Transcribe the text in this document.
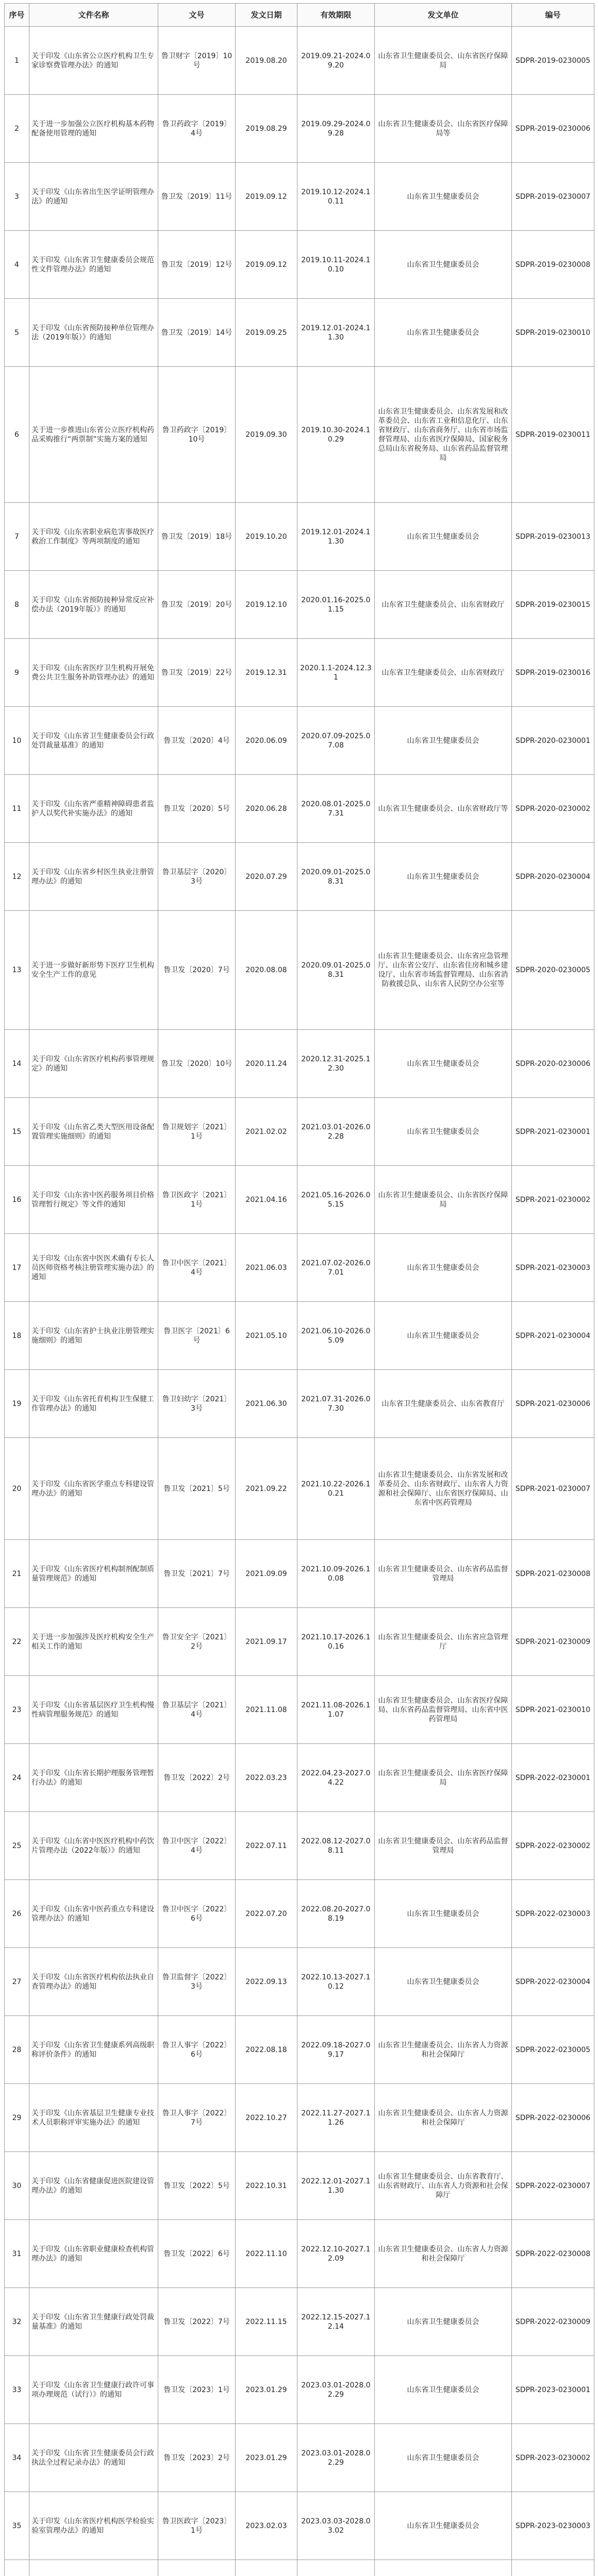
序号	文件名称	文号	发文日期	有效期限	发文单位	编号
1	关于印发《山东省公立医疗机构卫生专家诊察费管理办法》的通知	鲁卫财字〔2019〕10号	2019.08.20	2019.09.21-2024.09.20	山东省卫生健康委员会、山东省医疗保障局	SDPR-2019-0230005
2	关于进一步加强公立医疗机构基本药物配备使用管理的通知	鲁卫药政字〔2019〕4号	2019.08.29	2019.09.29-2024.09.28	山东省卫生健康委员会、山东省医疗保障局等	SDPR-2019-0230006
3	关于印发《山东省出生医学证明管理办法》的通知	鲁卫发〔2019〕11号	2019.09.12	2019.10.12-2024.10.11	山东省卫生健康委员会	SDPR-2019-0230007
4	关于印发《山东省卫生健康委员会规范性文件管理办法》的通知	鲁卫发〔2019〕12号	2019.09.12	2019.10.11-2024.10.10	山东省卫生健康委员会	SDPR-2019-0230008
5	关于印发《山东省预防接种单位管理办法（2019年版）》的通知	鲁卫发〔2019〕14号	2019.09.25	2019.12.01-2024.11.30	山东省卫生健康委员会	SDPR-2019-0230010
6	关于进一步推进山东省公立医疗机构药品采购推行“两票制”实施方案的通知	鲁卫药政字〔2019〕10号	2019.09.30	2019.10.30-2024.10.29	山东省卫生健康委员会、山东省发展和改革委员会、山东省工业和信息化厅、山东省财政厅、山东省商务厅、山东省市场监督管理局、山东省医疗保障局、国家税务总局山东省税务局、山东省药品监督管理局	SDPR-2019-0230011
7	关于印发《山东省职业病危害事故医疗救治工作制度》等两项制度的通知	鲁卫发〔2019〕18号	2019.10.20	2019.12.01-2024.11.30	山东省卫生健康委员会	SDPR-2019-0230013
8	关于印发《山东省预防接种异常反应补偿办法（2019年版）》的通知	鲁卫发〔2019〕20号	2019.12.10	2020.01.16-2025.01.15	山东省卫生健康委员会、山东省财政厅	SDPR-2019-0230015
9	关于印发《山东省医疗卫生机构开展免费公共卫生服务补助管理办法》的通知	鲁卫发〔2019〕22号	2019.12.31	2020.1.1-2024.12.31	山东省卫生健康委员会、山东省财政厅	SDPR-2019-0230016
10	关于印发《山东省卫生健康委员会行政处罚裁量基准》的通知	鲁卫发〔2020〕4号	2020.06.09	2020.07.09-2025.07.08	山东省卫生健康委员会	SDPR-2020-0230001
11	关于印发《山东省严重精神障碍患者监护人以奖代补实施办法》的通知	鲁卫发〔2020〕5号	2020.06.28	2020.08.01-2025.07.31	山东省卫生健康委员会、山东省财政厅等	SDPR-2020-0230002
12	关于印发《山东省乡村医生执业注册管理办法》的通知	鲁卫基层字〔2020〕3号	2020.07.29	2020.09.01-2025.08.31	山东省卫生健康委员会	SDPR-2020-0230004
13	关于进一步做好新形势下医疗卫生机构安全生产工作的意见	鲁卫发〔2020〕7号	2020.08.08	2020.09.01-2025.08.31	山东省卫生健康委员会、山东省应急管理厅、山东省公安厅、山东省住房和城乡建设厅、山东省市场监督管理局、山东省消防救援总队、山东省人民防空办公室等	SDPR-2020-0230005
14	关于印发《山东省医疗机构药事管理规定》的通知	鲁卫发〔2020〕10号	2020.11.24	2020.12.31-2025.12.30	山东省卫生健康委员会	SDPR-2020-0230006
15	关于印发《山东省乙类大型医用设备配置管理实施细则》的通知	鲁卫规划字〔2021〕1号	2021.02.02	2021.03.01-2026.02.28	山东省卫生健康委员会	SDPR-2021-0230001
16	关于印发《山东省中医药服务项目价格管理暂行规定》等文件的通知	鲁卫医政字〔2021〕1号	2021.04.16	2021.05.16-2026.05.15	山东省卫生健康委员会、山东省医疗保障局	SDPR-2021-0230002
17	关于印发《山东省中医医术确有专长人员医师资格考核注册管理实施办法》的通知	鲁卫中医字〔2021〕4号	2021.06.03	2021.07.02-2026.07.01	山东省卫生健康委员会	SDPR-2021-0230003
18	关于印发《山东省护士执业注册管理实施细则》的通知	鲁卫医字〔2021〕6号	2021.05.10	2021.06.10-2026.05.09	山东省卫生健康委员会	SDPR-2021-0230004
19	关于印发《山东省托育机构卫生保健工作管理办法》的通知	鲁卫妇幼字〔2021〕3号	2021.06.30	2021.07.31-2026.07.30	山东省卫生健康委员会、山东省教育厅	SDPR-2021-0230006
20	关于印发《山东省医学重点专科建设管理办法》的通知	鲁卫发〔2021〕5号	2021.09.22	2021.10.22-2026.10.21	山东省卫生健康委员会、山东省发展和改革委员会、山东省财政厅、山东省人力资源和社会保障厅、山东省医疗保障局、山东省中医药管理局	SDPR-2021-0230007
21	关于印发《山东省医疗机构制剂配制质量管理规范》的通知	鲁卫发〔2021〕7号	2021.09.09	2021.10.09-2026.10.08	山东省卫生健康委员会、山东省药品监督管理局	SDPR-2021-0230008
22	关于进一步加强涉及医疗机构安全生产相关工作的通知	鲁卫安全字〔2021〕2号	2021.09.17	2021.10.17-2026.10.16	山东省卫生健康委员会、山东省应急管理厅	SDPR-2021-0230009
23	关于印发《山东省基层医疗卫生机构慢性病管理服务规范》的通知	鲁卫基层字〔2021〕4号	2021.11.08	2021.11.08-2026.11.07	山东省卫生健康委员会、山东省医疗保障局、山东省药品监督管理局、山东省中医药管理局	SDPR-2021-0230010
24	关于印发《山东省长期护理服务管理暂行办法》的通知	鲁卫发〔2022〕2号	2022.03.23	2022.04.23-2027.04.22	山东省卫生健康委员会、山东省医疗保障局	SDPR-2022-0230001
25	关于印发《山东省中医医疗机构中药饮片管理办法（2022年版）》的通知	鲁卫中医字〔2022〕4号	2022.07.11	2022.08.12-2027.08.11	山东省卫生健康委员会、山东省药品监督管理局	SDPR-2022-0230002
26	关于印发《山东省中医药重点专科建设管理办法》的通知	鲁卫中医字〔2022〕6号	2022.07.20	2022.08.20-2027.08.19	山东省卫生健康委员会	SDPR-2022-0230003
27	关于印发《山东省医疗机构依法执业自查管理办法》的通知	鲁卫监督字〔2022〕3号	2022.09.13	2022.10.13-2027.10.12	山东省卫生健康委员会	SDPR-2022-0230004
28	关于印发《山东省卫生健康系列高级职称评价条件》的通知	鲁卫人事字〔2022〕6号	2022.08.18	2022.09.18-2027.09.17	山东省卫生健康委员会、山东省人力资源和社会保障厅	SDPR-2022-0230005
29	关于印发《山东省基层卫生健康专业技术人员职称评审实施办法》的通知	鲁卫人事字〔2022〕7号	2022.10.27	2022.11.27-2027.11.26	山东省卫生健康委员会、山东省人力资源和社会保障厅	SDPR-2022-0230006
30	关于印发《山东省健康促进医院建设管理办法》的通知	鲁卫发〔2022〕5号	2022.10.31	2022.12.01-2027.11.30	山东省卫生健康委员会、山东省教育厅、山东省财政厅、山东省人力资源和社会保障厅	SDPR-2022-0230007
31	关于印发《山东省职业健康检查机构管理办法》的通知	鲁卫发〔2022〕6号	2022.11.10	2022.12.10-2027.12.09	山东省卫生健康委员会、山东省人力资源和社会保障厅	SDPR-2022-0230008
32	关于印发《山东省卫生健康行政处罚裁量基准》的通知	鲁卫发〔2022〕7号	2022.11.15	2022.12.15-2027.12.14	山东省卫生健康委员会	SDPR-2022-0230009
33	关于印发《山东省卫生健康行政许可事项办理规范（试行）》的通知	鲁卫发〔2023〕1号	2023.01.29	2023.03.01-2028.02.29	山东省卫生健康委员会	SDPR-2023-0230001
34	关于印发《山东省卫生健康委员会行政执法全过程记录办法》的通知	鲁卫发〔2023〕2号	2023.01.29	2023.03.01-2028.02.29	山东省卫生健康委员会	SDPR-2023-0230002
35	关于印发《山东省医疗机构医学检验实验室管理办法》的通知	鲁卫医政字〔2023〕1号	2023.02.03	2023.03.03-2028.03.02	山东省卫生健康委员会	SDPR-2023-0230003
